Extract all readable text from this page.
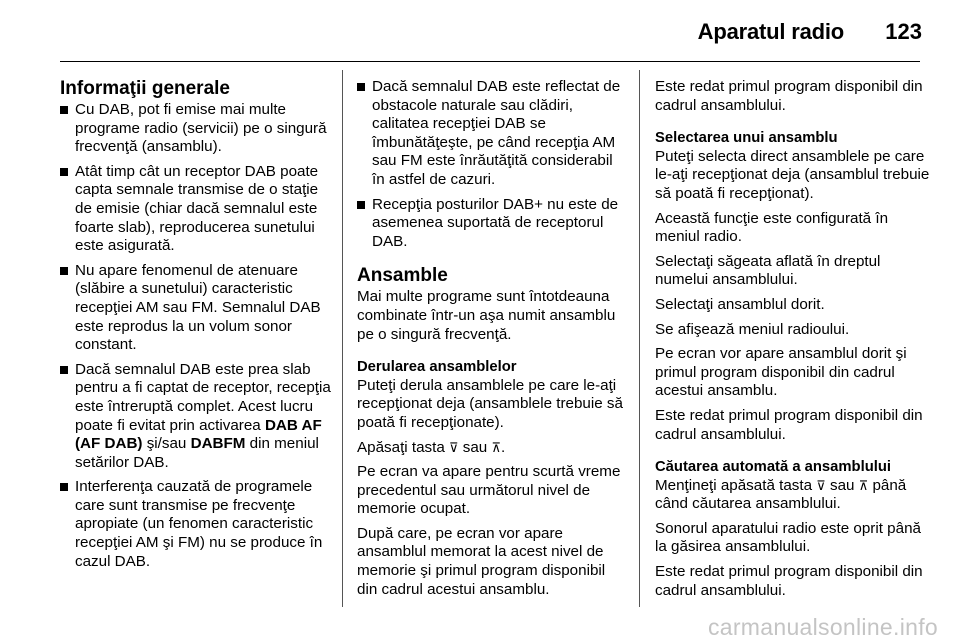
Aparatul radio 123
Informaţii generale
Cu DAB, pot fi emise mai multe programe radio (servicii) pe o singură frecvenţă (ansamblu).
Atât timp cât un receptor DAB poate capta semnale transmise de o staţie de emisie (chiar dacă semnalul este foarte slab), reproducerea sunetului este asigurată.
Nu apare fenomenul de atenuare (slăbire a sunetului) caracteristic recepţiei AM sau FM. Semnalul DAB este reprodus la un volum sonor constant.
Dacă semnalul DAB este prea slab pentru a fi captat de receptor, recepţia este întreruptă complet. Acest lucru poate fi evitat prin activarea DAB AF (AF DAB) şi/sau DABFM din meniul setărilor DAB.
Interferenţa cauzată de programele care sunt transmise pe frecvenţe apropiate (un fenomen caracteristic recepţiei AM şi FM) nu se produce în cazul DAB.
Dacă semnalul DAB este reflectat de obstacole naturale sau clădiri, calitatea recepţiei DAB se îmbunătăţeşte, pe când recepţia AM sau FM este înrăutăţită considerabil în astfel de cazuri.
Recepţia posturilor DAB+ nu este de asemenea suportată de receptorul DAB.
Ansamble

Mai multe programe sunt întotdeauna combinate într-un aşa numit ansamblu pe o singură frecvenţă.

Derularea ansamblelor

Puteţi derula ansamblele pe care le-aţi recepţionat deja (ansamblele trebuie să poată fi recepţionate).

Apăsaţi tasta ⊽ sau ⊼.

Pe ecran va apare pentru scurtă vreme precedentul sau următorul nivel de memorie ocupat.

După care, pe ecran vor apare ansamblul memorat la acest nivel de memorie şi primul program disponibil din cadrul acestui ansamblu.

Este redat primul program disponibil din cadrul ansamblului.

Selectarea unui ansamblu

Puteţi selecta direct ansamblele pe care le-aţi recepţionat deja (ansamblul trebuie să poată fi recepţionat).

Această funcţie este configurată în meniul radio.

Selectaţi săgeata aflată în dreptul numelui ansamblului.

Selectaţi ansamblul dorit.

Se afişează meniul radioului.

Pe ecran vor apare ansamblul dorit şi primul program disponibil din cadrul acestui ansamblu.

Este redat primul program disponibil din cadrul ansamblului.

Căutarea automată a ansamblului

Menţineţi apăsată tasta ⊽ sau ⊼ până când căutarea ansamblului.

Sonorul aparatului radio este oprit până la găsirea ansamblului.

Este redat primul program disponibil din cadrul ansamblului.

carmanualsonline.info
